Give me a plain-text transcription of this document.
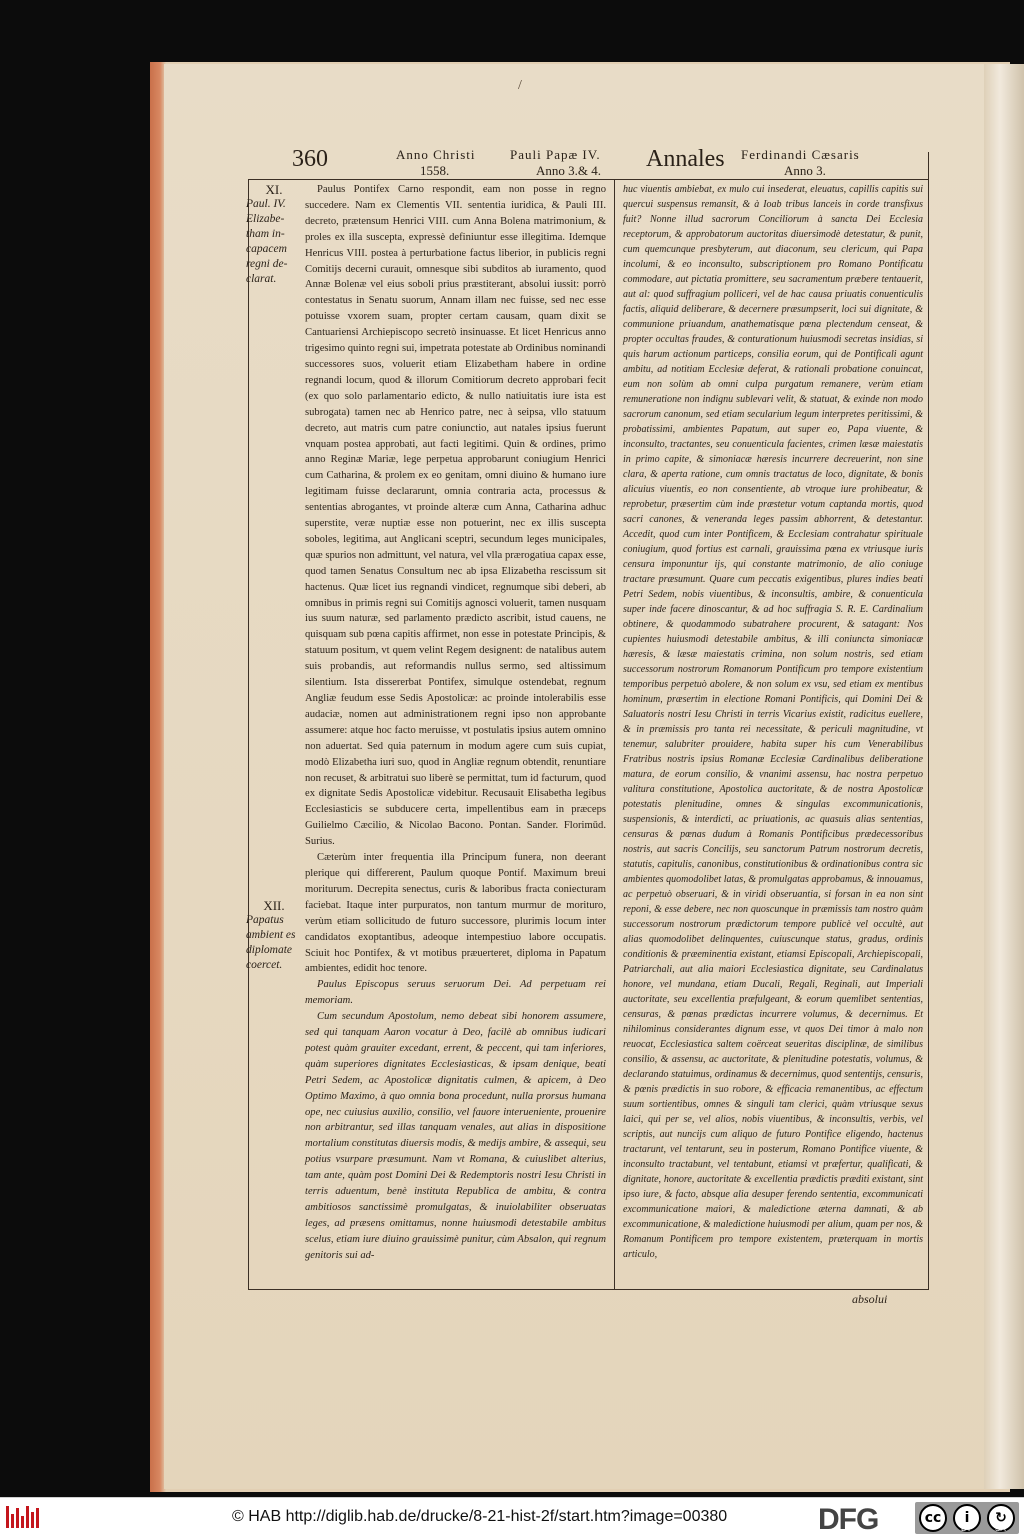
/
360	Anno Christi
1558.
Pauli Papæ IV.
Anno 3.& 4. Annales Ferdinandi Cæsaris
Anno 3.
XI.
Paul. IV. Elizabe-tham in-capacem regni de-clarat.
XII.
Papatus ambient es diplomate coercet.

Paulus Pontifex Carno respondit, eam non posse in regno succedere. Nam ex Clementis VII. sententia iuridica, & Pauli III. decreto, prætensum Henrici VIII. cum Anna Bolena matrimonium, & proles ex illa suscepta, expressè definiuntur esse illegitima. Idemque Henricus VIII. postea à perturbatione factus liberior, in publicis regni Comitijs decerni curauit, omnesque sibi subditos ab iuramento, quod Annæ Bolenæ vel eius soboli prius præstiterant, absolui iussit: porrò contestatus in Senatu suorum, Annam illam nec fuisse, sed nec esse potuisse vxorem suam, propter certam causam, quam dixit se Cantuariensi Archiepiscopo secretò insinuasse. Et licet Henricus anno trigesimo quinto regni sui, impetrata potestate ab Ordinibus nominandi successores suos, voluerit etiam Elizabetham habere in ordine regnandi locum, quod & illorum Comitiorum decreto approbari fecit (ex quo solo parlamentario edicto, & nullo natiuitatis iure ista est subrogata) tamen nec ab Henrico patre, nec à seipsa, vllo statuum decreto, aut matris cum patre coniunctio, aut natales ipsius fuerunt vnquam postea approbati, aut facti legitimi. Quin & ordines, primo anno Reginæ Mariæ, lege perpetua approbarunt coniugium Henrici cum Catharina, & prolem ex eo genitam, omni diuino & humano iure legitimam fuisse declararunt, omnia contraria acta, processus & sententias abrogantes, vt proinde alteræ cum Anna, Catharina adhuc superstite, veræ nuptiæ esse non potuerint, nec ex illis suscepta soboles, legitima, aut Anglicani sceptri, secundum leges municipales, quæ spurios non admittunt, vel natura, vel vlla prærogatiua capax esse, quod tamen Senatus Consultum nec ab ipsa Elizabetha rescissum sit hactenus. Quæ licet ius regnandi vindicet, regnumque sibi deberi, ab omnibus in primis regni sui Comitijs agnosci voluerit, tamen nusquam ius suum naturæ, sed parlamento prædicto ascribit, istud cauens, ne quisquam sub pœna capitis affirmet, non esse in potestate Principis, & statuum positum, vt quem velint Regem designent: de natalibus autem suis probandis, aut reformandis nullus sermo, sed altissimum silentium. Ista dissererbat Pontifex, simulque ostendebat, regnum Angliæ feudum esse Sedis Apostolicæ: ac proinde intolerabilis esse audaciæ, nomen aut administrationem regni ipso non approbante assumere: atque hoc facto meruisse, vt postulatis ipsius autem omnino non aduertat. Sed quia paternum in modum agere cum suis cupiat, modò Elizabetha iuri suo, quod in Angliæ regnum obtendit, renuntiare non recuset, & arbitratui suo liberè se permittat, tum id facturum, quod ex dignitate Sedis Apostolicæ videbitur. Recusauit Elisabetha legibus Ecclesiasticis se subducere certa, impellentibus eam in præceps Guilielmo Cæcilio, & Nicolao Bacono. Pontan. Sander. Florimūd. Surius.

Cæterùm inter frequentia illa Principum funera, non deerant plerique qui differerent, Paulum quoque Pontif. Maximum breui moriturum. Decrepita senectus, curis & laboribus fracta coniecturam faciebat. Itaque inter purpuratos, non tantum murmur de morituro, verùm etiam sollicitudo de futuro successore, plurimis locum inter candidatos exoptantibus, adeoque intempestiuo labore occupatis. Sciuit hoc Pontifex, & vt motibus præuerteret, diploma in Papatum ambientes, edidit hoc tenore.

Paulus Episcopus seruus seruorum Dei. Ad perpetuam rei memoriam.

Cum secundum Apostolum, nemo debeat sibi honorem assumere, sed qui tanquam Aaron vocatur à Deo, facilè ab omnibus iudicari potest quàm grauiter excedant, errent, & peccent, qui tam inferiores, quàm superiores dignitates Ecclesiasticas, & ipsam denique, beati Petri Sedem, ac Apostolicæ dignitatis culmen, & apicem, à Deo Optimo Maximo, à quo omnia bona procedunt, nulla prorsus humana ope, nec cuiusius auxilio, consilio, vel fauore interueniente, prouenire non arbitrantur, sed illas tanquam venales, aut alias in dispositione mortalium constitutas diuersis modis, & medijs ambire, & assequi, seu potius vsurpare præsumunt. Nam vt Romana, & cuiuslibet alterius, tam ante, quàm post Domini Dei & Redemptoris nostri Iesu Christi in terris aduentum, benè instituta Republica de ambitu, & contra ambitiosos sanctissimè promulgatas, & inuiolabiliter obseruatas leges, ad præsens omittamus, nonne huiusmodi detestabile ambitus scelus, etiam iure diuino grauissimè punitur, cùm Absalon, qui regnum genitoris sui ad-

huc viuentis ambiebat, ex mulo cui insederat, eleuatus, capillis capitis sui quercui suspensus remansit, & à Ioab tribus lanceis in corde transfixus fuit? Nonne illud sacrorum Conciliorum à sancta Dei Ecclesia receptorum, & approbatorum auctoritas diuersimodè detestatur, & punit, cum quemcunque presbyterum, aut diaconum, seu clericum, qui Papa incolumi, & eo inconsulto, subscriptionem pro Romano Pontificatu commodare, aut pictatia promittere, seu sacramentum præbere tentauerit, aut al: quod suffragium polliceri, vel de hac causa priuatis conuenticulis factis, aliquid deliberare, & decernere præsumpserit, loci sui dignitate, & communione priuandum, anathematisque pœna plectendum censeat, & propter occultas fraudes, & conturationum huiusmodi secretas insidias, si quis harum actionum particeps, consilia eorum, qui de Pontificali agunt ambitu, ad notitiam Ecclesiæ deferat, & rationali probatione conuincat, eum non solùm ab omni culpa purgatum remanere, verùm etiam remuneratione non indignu sublevari velit, & statuat, & exinde non modo sacrorum canonum, sed etiam secularium legum interpretes peritissimi, & probatissimi, ambientes Papatum, aut super eo, Papa viuente, & inconsulto, tractantes, seu conuenticula facientes, crimen læsæ maiestatis in primo capite, & simoniacæ hæresis incurrere decreuerint, non sine clara, & aperta ratione, cum omnis tractatus de loco, dignitate, & bonis alicuius viuentis, eo non consentiente, ab vtroque iure prohibeatur, & reprobetur, præsertim cùm inde præstetur votum captanda mortis, quod sacri canones, & veneranda leges passim abhorrent, & detestantur. Accedit, quod cum inter Pontificem, & Ecclesiam contrahatur spirituale coniugium, quod fortius est carnali, grauissima pœna ex vtriusque iuris censura imponuntur ijs, qui constante matrimonio, de alio coniuge tractare præsumunt. Quare cum peccatis exigentibus, plures indies beati Petri Sedem, nobis viuentibus, & inconsultis, ambire, & conuenticula super inde facere dinoscantur, & ad hoc suffragia S. R. E. Cardinalium obtinere, & quodammodo subatrahere procurent, & satagant: Nos cupientes huiusmodi detestabile ambitus, & illi coniuncta simoniacæ hæresis, & læsæ maiestatis crimina, non solum nostris, sed etiam successorum nostrorum Romanorum Pontificum pro tempore existentium temporibus perpetuò abolere, & non solum ex vsu, sed etiam ex mentibus hominum, præsertim in electione Romani Pontificis, qui Domini Dei & Saluatoris nostri Iesu Christi in terris Vicarius existit, radicitus euellere, & in præmissis pro tanta rei necessitate, & periculi magnitudine, vt tenemur, salubriter prouidere, habita super his cum Venerabilibus Fratribus nostris ipsius Romanæ Ecclesiæ Cardinalibus deliberatione matura, de eorum consilio, & vnanimi assensu, hac nostra perpetuo valitura constitutione, Apostolica auctoritate, & de nostra Apostolicæ potestatis plenitudine, omnes & singulas excommunicationis, suspensionis, & interdicti, ac priuationis, ac quasuis alias sententias, censuras & pœnas dudum à Romanis Pontificibus prædecessoribus nostris, aut sacris Concilijs, seu sanctorum Patrum nostrorum decretis, statutis, capitulis, canonibus, constitutionibus & ordinationibus contra sic ambientes quomodolibet latas, & promulgatas approbamus, & innouamus, ac perpetuò obseruari, & in viridi obseruantia, si forsan in ea non sint reponi, & esse debere, nec non quoscunque in præmissis tam nostro quàm successorum nostrorum prædictorum tempore publicè vel occultè, aut alias quomodolibet delinquentes, cuiuscunque status, gradus, ordinis conditionis & præeminentia existant, etiamsi Episcopali, Archiepiscopali, Patriarchali, aut alia maiori Ecclesiastica dignitate, seu Cardinalatus honore, vel mundana, etiam Ducali, Regali, Reginali, aut Imperiali auctoritate, seu excellentia præfulgeant, & eorum quemlibet sententias, censuras, & pœnas prædictas incurrere volumus, & decernimus. Et nihilominus considerantes dignum esse, vt quos Dei timor à malo non reuocat, Ecclesiastica saltem coërceat seueritas disciplinæ, de similibus consilio, & assensu, ac auctoritate, & plenitudine potestatis, volumus, & declarando statuimus, ordinamus & decernimus, quod sententijs, censuris, & pœnis prædictis in suo robore, & efficacia remanentibus, ac effectum suum sortientibus, omnes & singuli tam clerici, quàm vtriusque sexus laici, qui per se, vel alios, nobis viuentibus, & inconsultis, verbis, vel scriptis, aut nuncijs cum aliquo de futuro Pontifice eligendo, hactenus tractarunt, vel tentarunt, seu in posterum, Romano Pontifice viuente, & inconsulto tractabunt, vel tentabunt, etiamsi vt præfertur, qualificati, & dignitate, honore, auctoritate & excellentia prædictis præditi existant, sint ipso iure, & facto, absque alia desuper ferendo sententia, excommunicati excommunicatione maiori, & maledictione æterna damnati, & ab excommunicatione, & maledictione huiusmodi per alium, quam per nos, & Romanum Pontificem pro tempore existentem, præterquam in mortis articulo,

absolui
© HAB http://diglib.hab.de/drucke/8-21-hist-2f/start.htm?image=00380	DFG	cc	i	↻
BY	SA
